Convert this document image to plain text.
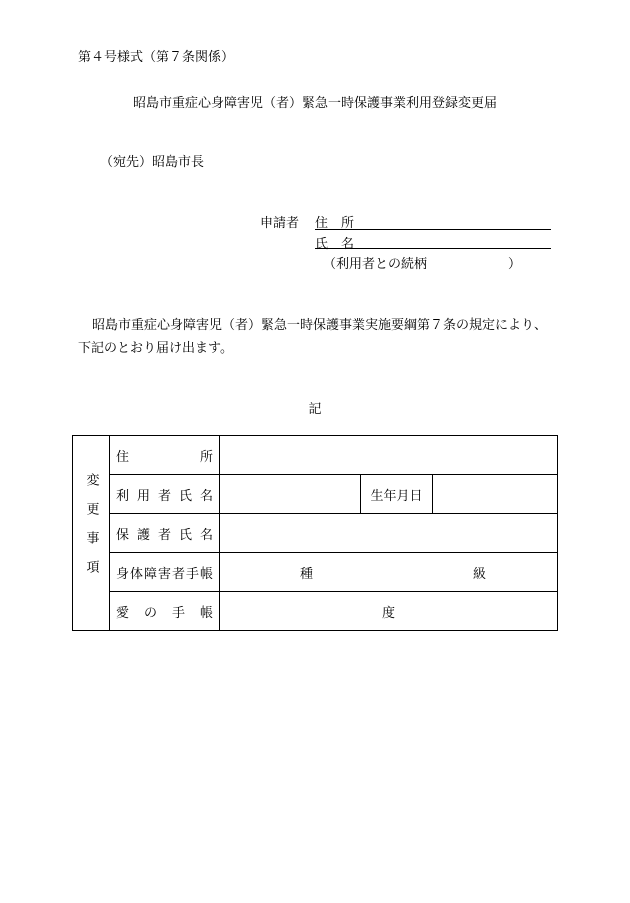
第４号様式（第７条関係）
昭島市重症心身障害児（者）緊急一時保護事業利用登録変更届
（宛先）昭島市長
申請者 住　所
氏　名
（利用者との続柄	）
昭島市重症心身障害児（者）緊急一時保護事業実施要綱第７条の規定により、下記のとおり届け出ます。
記
変更事項	住所			
	利用者氏名		生年月日	
	保護者氏名			
	身体障害者手帳	種 級		
	愛の手帳	度		
